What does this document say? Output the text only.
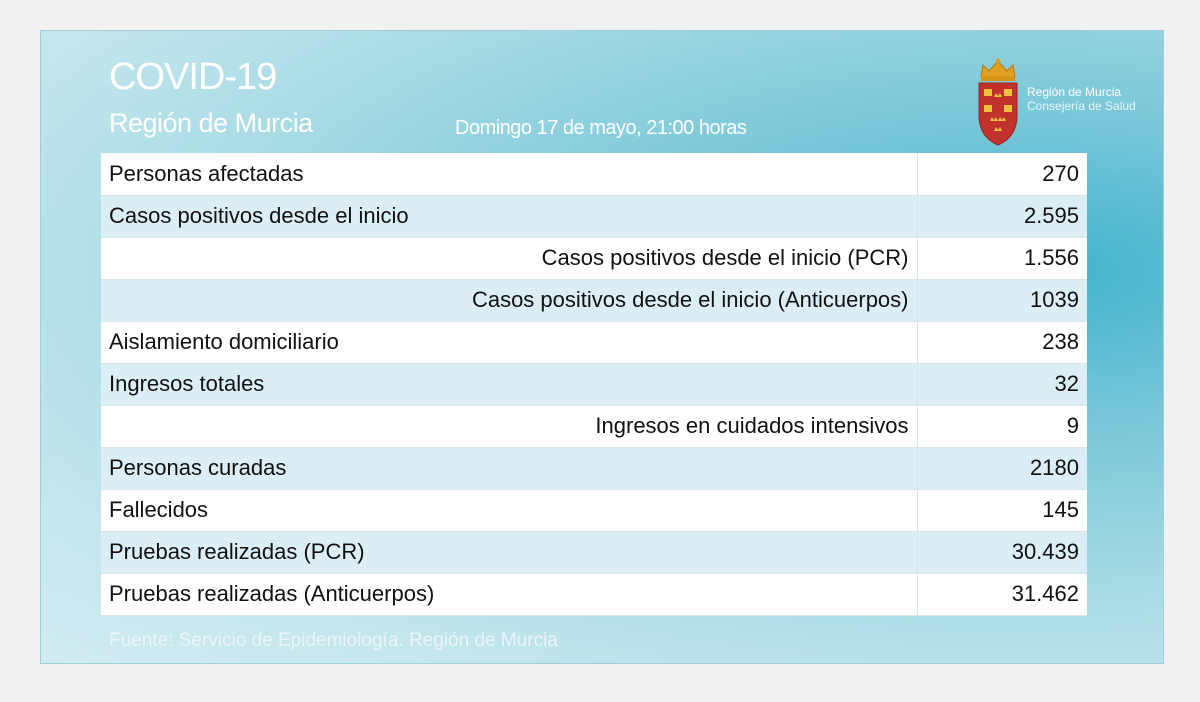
COVID-19
Región de Murcia	Domingo 17 de mayo, 21:00 horas
Región de Murcia
Consejería de Salud
Personas afectadas	270
Casos positivos desde el inicio	2.595
Casos positivos desde el inicio (PCR)	1.556
Casos positivos desde el inicio (Anticuerpos)	1039
Aislamiento domiciliario	238
Ingresos totales	32
Ingresos en cuidados intensivos	9
Personas curadas	2180
Fallecidos	145
Pruebas realizadas (PCR)	30.439
Pruebas realizadas (Anticuerpos)	31.462
Fuente: Servicio de Epidemiología. Región de Murcia
